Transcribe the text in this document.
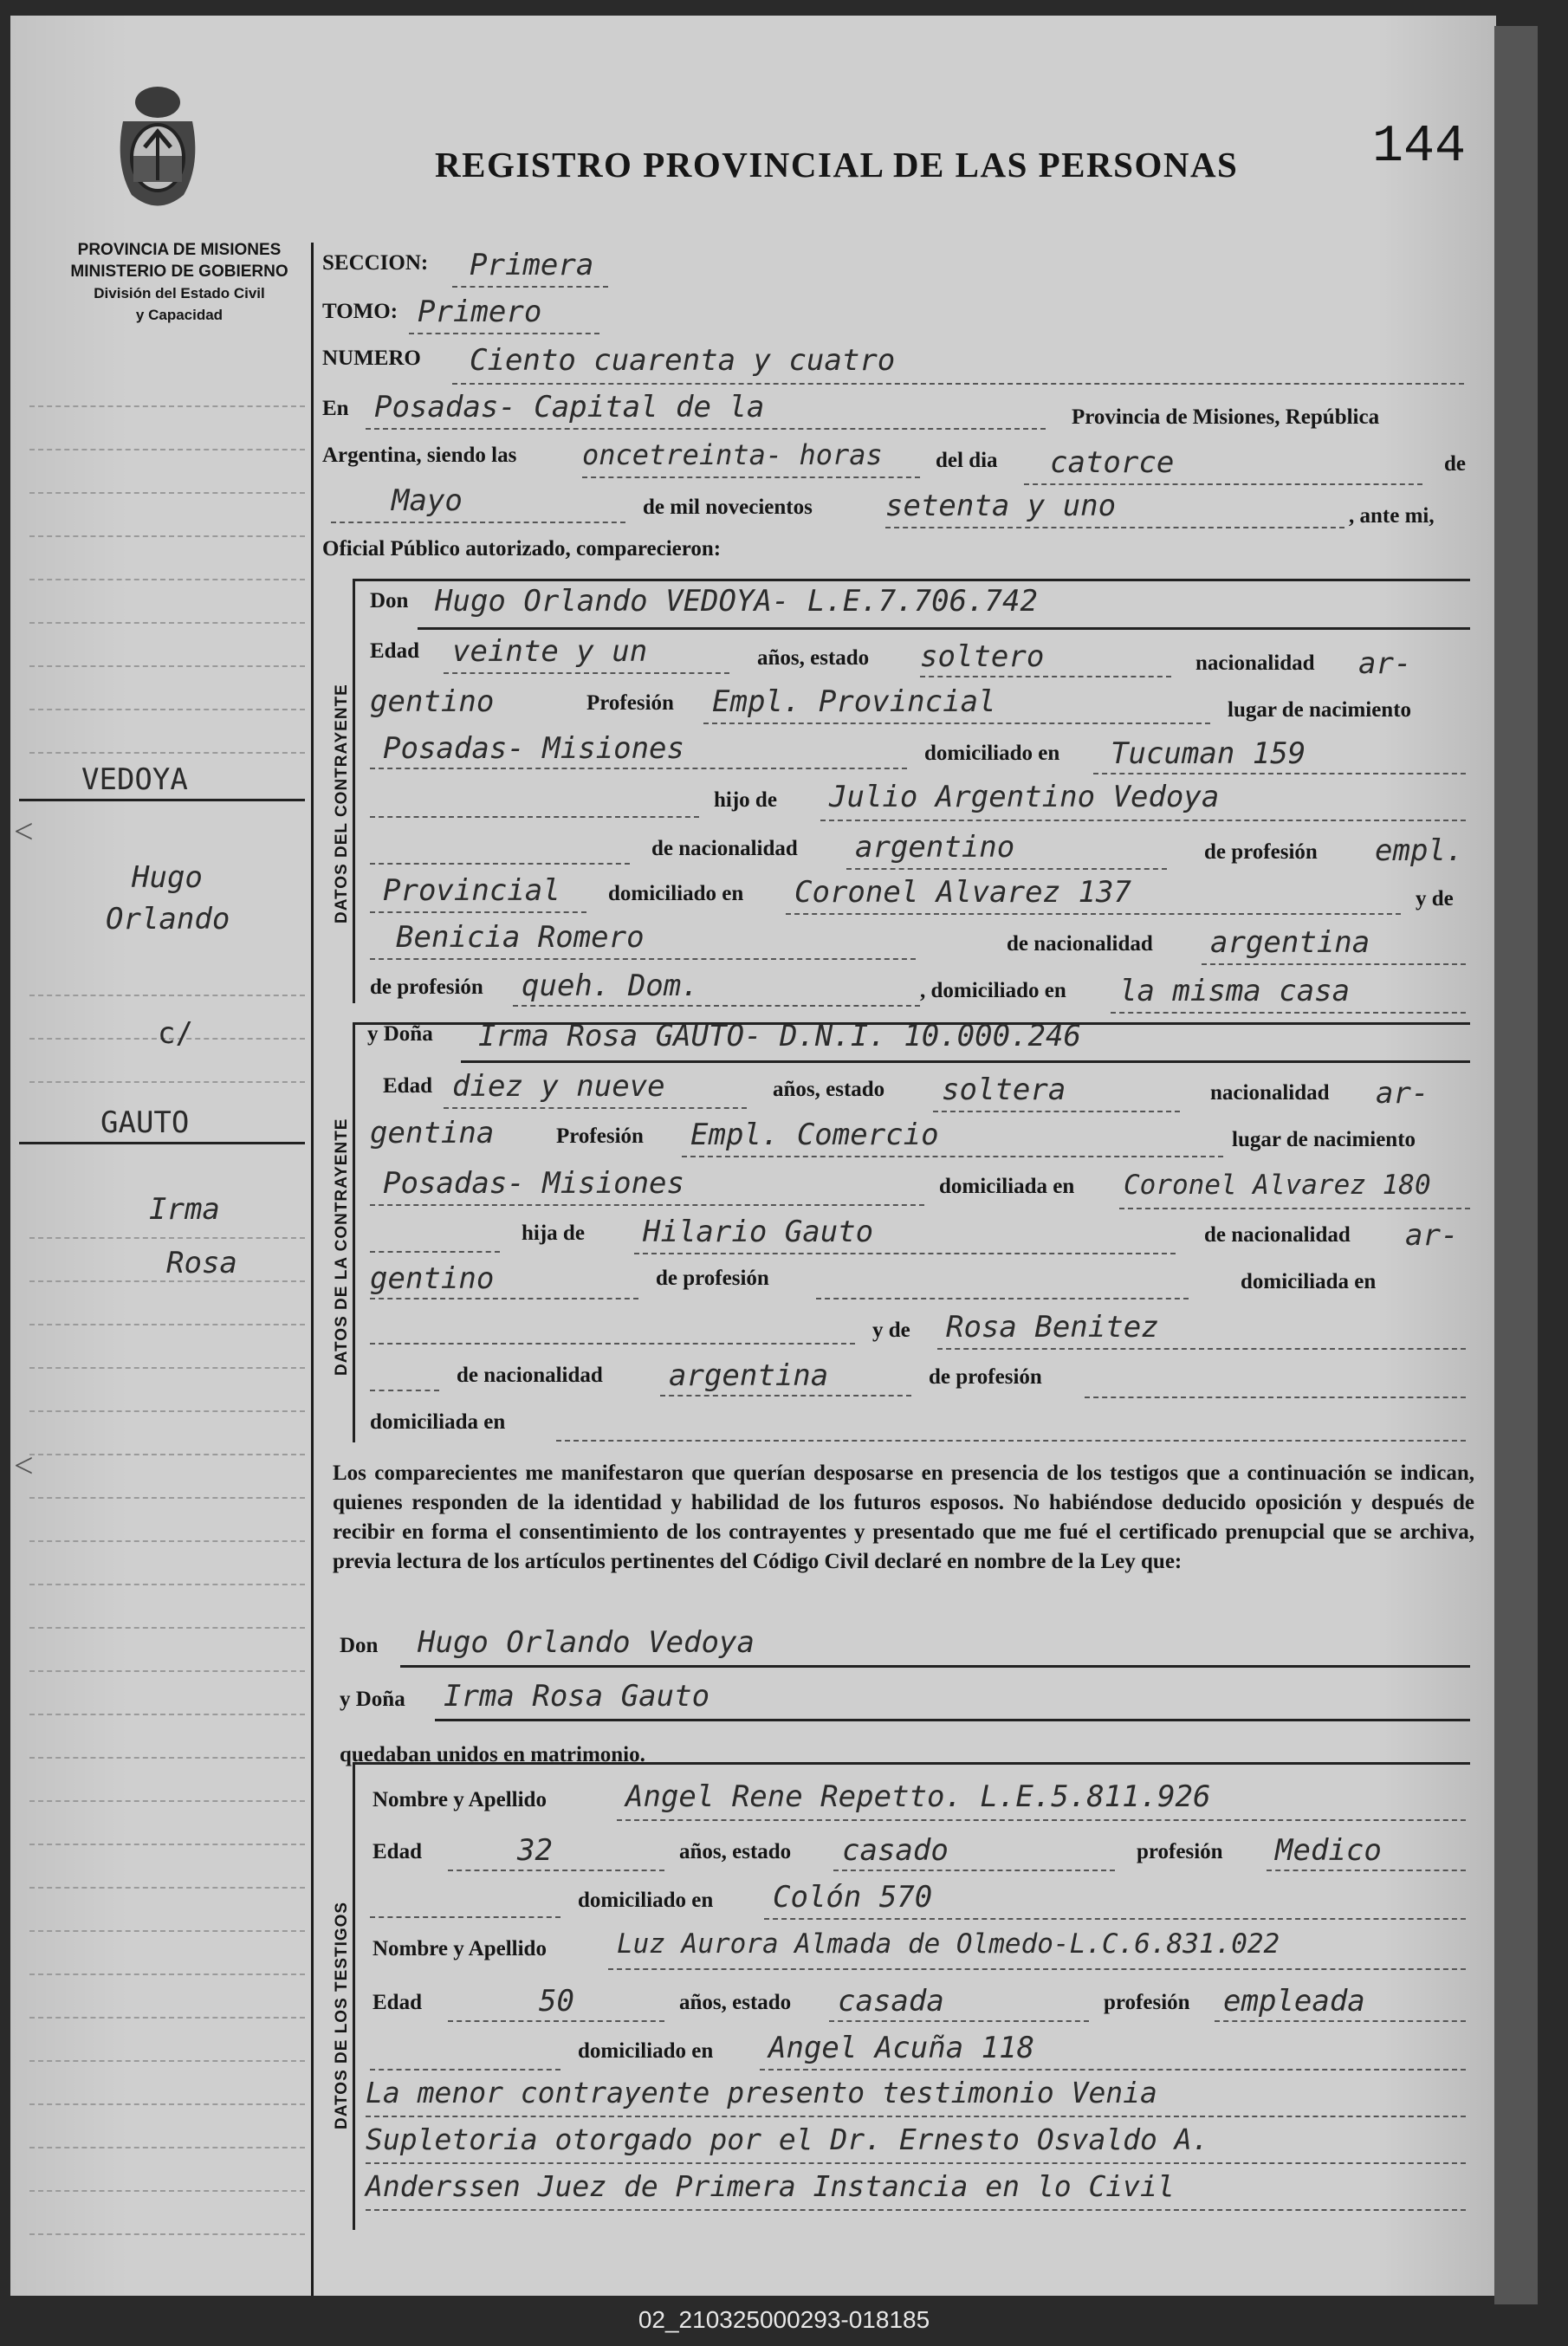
REGISTRO PROVINCIAL DE LAS PERSONAS	144
PROVINCIA DE MISIONES
MINISTERIO DE GOBIERNO
División del Estado Civil
y Capacidad
VEDOYA
<
Hugo
Orlando
c/
GAUTO
Irma
Rosa
<
SECCION: Primera
TOMO: Primero
NUMERO Ciento cuarenta y cuatro
En Posadas- Capital de la	Provincia de Misiones, República
Argentina, siendo las oncetreinta- horas del dia catorce	de
Mayo	de mil novecientos setenta y uno	, ante mi,
Oficial Público autorizado, comparecieron:
DATOS DEL CONTRAYENTE
Don Hugo Orlando VEDOYA- L.E.7.706.742
Edad veinte y un	años, estado soltero	nacionalidad ar-
gentino	Profesión Empl. Provincial	lugar de nacimiento
Posadas- Misiones	domiciliado en Tucuman 159
hijo de Julio Argentino Vedoya
de nacionalidad argentino	de profesión empl.
Provincial domiciliado en Coronel Alvarez 137	y de
Benicia Romero	de nacionalidad argentina
de profesión queh. Dom.	, domiciliado en la misma casa
DATOS DE LA CONTRAYENTE
y Doña Irma Rosa GAUTO- D.N.I. 10.000.246
Edad diez y nueve	años, estado soltera	nacionalidad ar-
gentina	Profesión Empl. Comercio	lugar de nacimiento
Posadas- Misiones	domiciliada en Coronel Alvarez 180
hija de Hilario Gauto	de nacionalidad ar-
gentino	de profesión	domiciliada en
y de Rosa Benitez
de nacionalidad argentina	de profesión
domiciliada en
Los comparecientes me manifestaron que querían desposarse en presencia de los testigos que a continuación se indican, quienes responden de la identidad y habilidad de los futuros esposos. No habiéndose deducido oposición y después de recibir en forma el consentimiento de los contrayentes y presentado que me fué el certificado prenupcial que se archiva, previa lectura de los artículos pertinentes del Código Civil declaré en nombre de la Ley que:
Don Hugo Orlando Vedoya
y Doña Irma Rosa Gauto
quedaban unidos en matrimonio.
DATOS DE LOS TESTIGOS
Nombre y Apellido	Angel Rene Repetto. L.E.5.811.926
Edad	32	años, estado casado	profesión Medico
domiciliado en Colón 570
Nombre y Apellido	Luz Aurora Almada de Olmedo-L.C.6.831.022
Edad	50	años, estado casada	profesión empleada
domiciliado en Angel Acuña 118
La menor contrayente presento testimonio Venia
Supletoria otorgado por el Dr. Ernesto Osvaldo A.
Anderssen Juez de Primera Instancia en lo Civil
02_210325000293-018185
